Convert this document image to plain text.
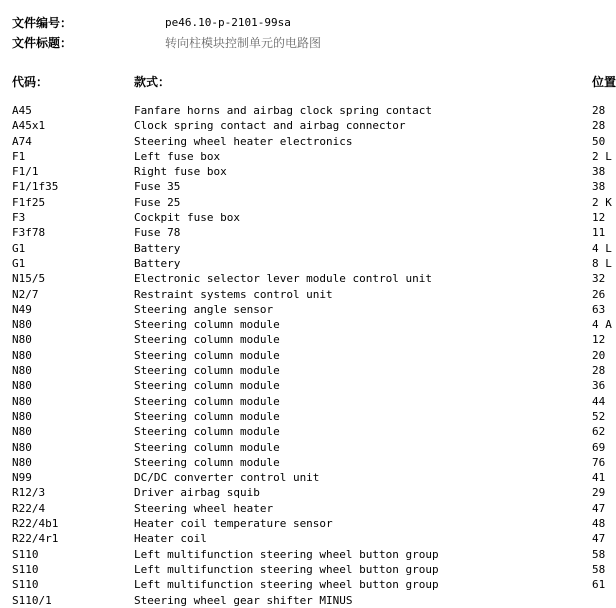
文件编号：	pe46.10-p-2101-99sa
文件标题：	转向柱模块控制单元的电路图
代码：	款式：	位置
A45	Fanfare horns and airbag clock spring contact	28
A45x1	Clock spring contact and airbag connector	28
A74	Steering wheel heater electronics	50
F1	Left fuse box	2 L
F1/1	Right fuse box	38
F1/1f35	Fuse 35	38
F1f25	Fuse 25	2 K
F3	Cockpit fuse box	12
F3f78	Fuse 78	11
G1	Battery	4 L
G1	Battery	8 L
N15/5	Electronic selector lever module control unit	32
N2/7	Restraint systems control unit	26
N49	Steering angle sensor	63
N80	Steering column module	4 A
N80	Steering column module	12
N80	Steering column module	20
N80	Steering column module	28
N80	Steering column module	36
N80	Steering column module	44
N80	Steering column module	52
N80	Steering column module	62
N80	Steering column module	69
N80	Steering column module	76
N99	DC/DC converter control unit	41
R12/3	Driver airbag squib	29
R22/4	Steering wheel heater	47
R22/4b1	Heater coil temperature sensor	48
R22/4r1	Heater coil	47
S110	Left multifunction steering wheel button group	58
S110	Left multifunction steering wheel button group	58
S110	Left multifunction steering wheel button group	61
S110/1	Steering wheel gear shifter MINUS
